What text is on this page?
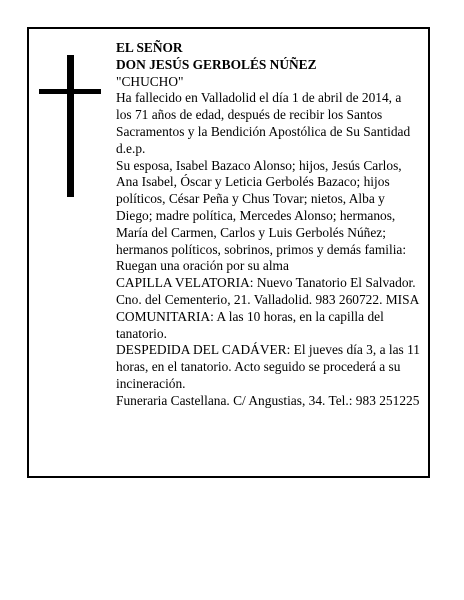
EL SEÑOR

DON JESÚS GERBOLÉS NÚÑEZ

"CHUCHO"

Ha fallecido en Valladolid el día 1 de abril de 2014, a los 71 años de edad, después de recibir los Santos Sacramentos y la Bendición Apostólica de Su Santidad

d.e.p.

Su esposa, Isabel Bazaco Alonso; hijos, Jesús Carlos, Ana Isabel, Óscar y Leticia Gerbolés Bazaco; hijos políticos, César Peña y Chus Tovar; nietos, Alba y Diego; madre política, Mercedes Alonso; hermanos, María del Carmen, Carlos y Luis Gerbolés Núñez; hermanos políticos, sobrinos, primos y demás familia:

Ruegan una oración por su alma

CAPILLA VELATORIA: Nuevo Tanatorio El Salvador. Cno. del Cementerio, 21. Valladolid. 983 260722. MISA COMUNITARIA: A las 10 horas, en la capilla del tanatorio.

DESPEDIDA DEL CADÁVER: El jueves día 3, a las 11 horas, en el tanatorio. Acto seguido se procederá a su incineración.

Funeraria Castellana. C/ Angustias, 34. Tel.: 983 251225
